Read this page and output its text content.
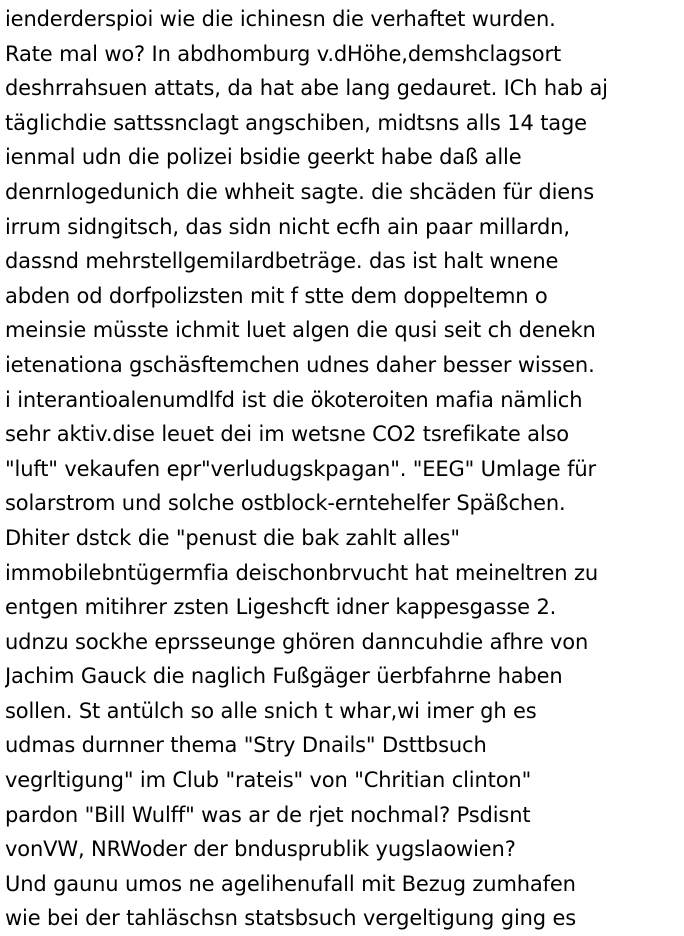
ienderderspioi wie die ichinesn die verhaftet wurden.
Rate mal wo? In abdhomburg v.dHöhe,demshclagsort
deshrrahsuen attats, da hat abe lang gedauret. ICh hab aj
täglichdie sattssnclagt angschiben, midtsns alls 14 tage
ienmal udn die polizei bsidie geerkt habe daß alle
denrnlogedunich die whheit sagte. die shcäden für diens
irrum sidngitsch, das sidn nicht ecfh ain paar millardn,
dassnd mehrstellgemilardbeträge. das ist halt wnene
abden od dorfpolizsten mit f stte dem doppeltemn o
meinsie müsste ichmit luet algen die qusi seit ch denekn
ietenationa gschäsftemchen udnes daher besser wissen.
i interantioalenumdlfd ist die ökoteroiten mafia nämlich
sehr aktiv.dise leuet dei im wetsne CO2 tsrefikate also
"luft" vekaufen epr"verludugskpagan". "EEG" Umlage für
solarstrom und solche ostblock-erntehelfer Späßchen.
Dhiter dstck die "penust die bak zahlt alles"
immobilebntügermfia deischonbrvucht hat meineltren zu
entgen mitihrer zsten Ligeshcft idner kappesgasse 2.
udnzu sockhe eprsseunge ghören danncuhdie afhre von
Jachim Gauck die naglich Fußgäger üerbfahrne haben
sollen. St antülch so alle snich t whar,wi imer gh es
udmas durnner thema "Stry Dnails" Dsttbsuch
vegrltigung" im Club "rateis" von "Chritian clinton"
pardon "Bill Wulff" was ar de rjet nochmal? Psdisnt
vonVW, NRWoder der bndusprublik yugslaowien?
Und gaunu umos ne agelihenufall mit Bezug zumhafen
wie bei der tahläschsn statsbsuch vergeltigung ging es
